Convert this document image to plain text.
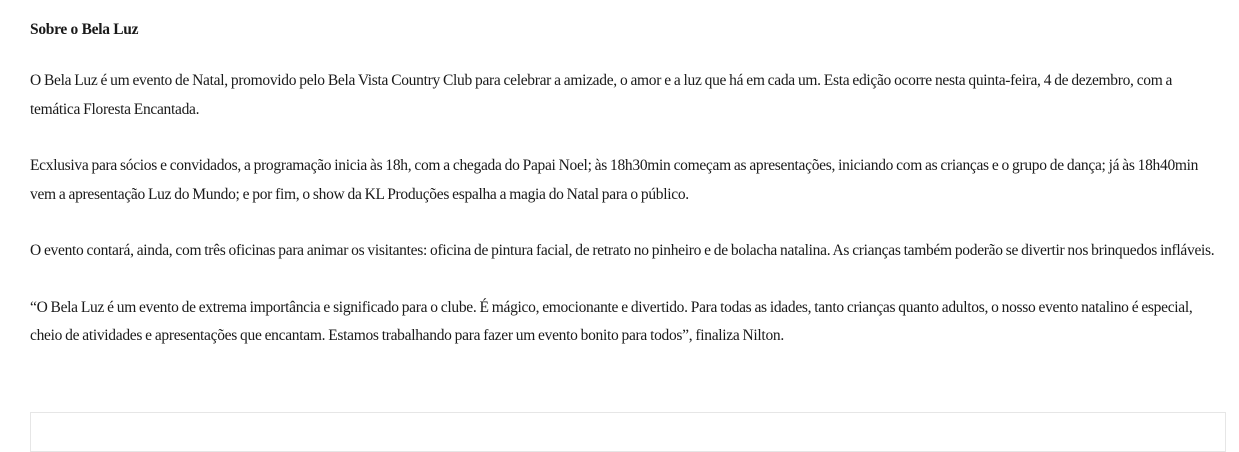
Sobre o Bela Luz

O Bela Luz é um evento de Natal, promovido pelo Bela Vista Country Club para celebrar a amizade, o amor e a luz que há em cada um. Esta edição ocorre nesta quinta-feira, 4 de dezembro, com a temática Floresta Encantada.

Ecxlusiva para sócios e convidados, a programação inicia às 18h, com a chegada do Papai Noel; às 18h30min começam as apresentações, iniciando com as crianças e o grupo de dança; já às 18h40min vem a apresentação Luz do Mundo; e por fim, o show da KL Produções espalha a magia do Natal para o público.

O evento contará, ainda, com três oficinas para animar os visitantes: oficina de pintura facial, de retrato no pinheiro e de bolacha natalina. As crianças também poderão se divertir nos brinquedos infláveis.

“O Bela Luz é um evento de extrema importância e significado para o clube. É mágico, emocionante e divertido. Para todas as idades, tanto crianças quanto adultos, o nosso evento natalino é especial, cheio de atividades e apresentações que encantam. Estamos trabalhando para fazer um evento bonito para todos”, finaliza Nilton.
